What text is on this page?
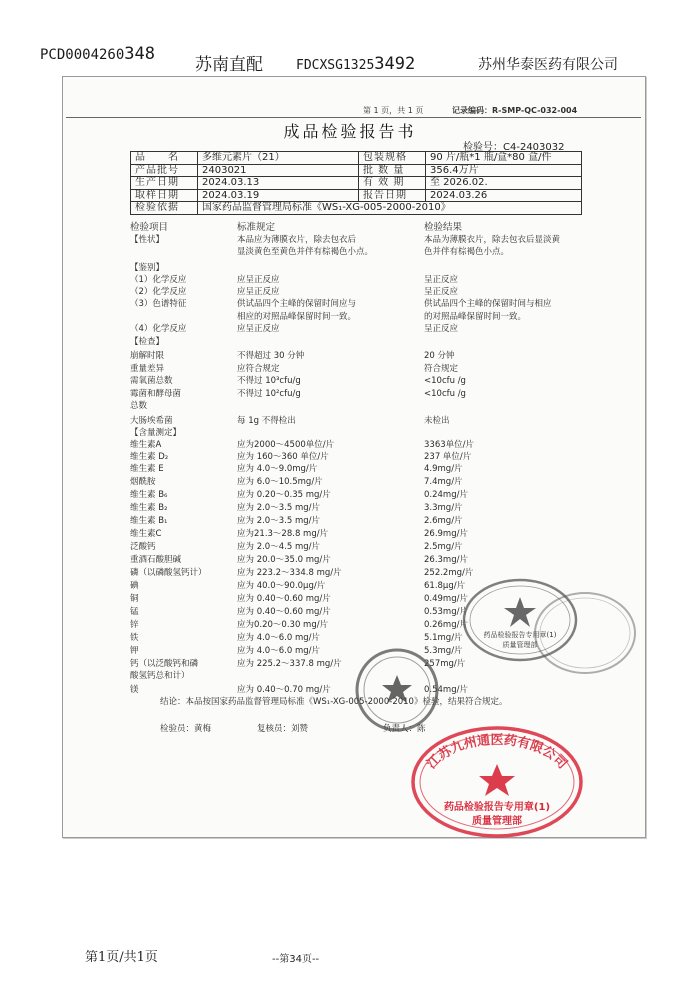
PCD0004260348
苏南直配	FDCXSG13253492	苏州华泰医药有限公司
第 1 页，共 1 页	记录编码：R-SMP-QC-032-004
成品检验报告书
检验号：C4-2403032
品　　名	多维元素片（21）	包装规格	90 片/瓶*1 瓶/盒*80 盒/件
产品批号	2403021	批 数 量	356.4万片
生产日期	2024.03.13	有 效 期	至 2026.02.
取样日期	2024.03.19	报告日期	2024.03.26
检验依据	国家药品监督管理局标准《WS₁-XG-005-2000-2010》		
检验项目	标准规定	检验结果
【性状】	本品应为薄膜衣片，除去包衣后	本品为薄膜衣片，除去包衣后显淡黄
显淡黄色至黄色并伴有棕褐色小点。	色并伴有棕褐色小点。
【鉴别】
（1）化学反应	应呈正反应	呈正反应
（2）化学反应	应呈正反应	呈正反应
（3）色谱特征	供试品四个主峰的保留时间应与	供试品四个主峰的保留时间与相应
相应的对照品峰保留时间一致。	的对照品峰保留时间一致。
（4）化学反应	应呈正反应	呈正反应
【检查】
崩解时限	不得超过 30 分钟	20 分钟
重量差异	应符合规定	符合规定
需氧菌总数	不得过 10³cfu/g	<10cfu /g
霉菌和酵母菌	不得过 10²cfu/g	<10cfu /g
总数
大肠埃希菌	每 1g 不得检出	未检出
【含量测定】
维生素A	应为2000～4500单位/片	3363单位/片
维生素 D₂	应为 160～360 单位/片	237 单位/片
维生素 E	应为 4.0～9.0mg/片	4.9mg/片
烟酰胺	应为 6.0～10.5mg/片	7.4mg/片
维生素 B₆	应为 0.20～0.35 mg/片	0.24mg/片
维生素 B₂	应为 2.0～3.5 mg/片	3.3mg/片
维生素 B₁	应为 2.0～3.5 mg/片	2.6mg/片
维生素C	应为21.3～28.8 mg/片	26.9mg/片
泛酸钙	应为 2.0～4.5 mg/片	2.5mg/片
重酒石酸胆碱	应为 20.0～35.0 mg/片	26.3mg/片
磷（以磷酸氢钙计）	应为 223.2～334.8 mg/片	252.2mg/片
碘	应为 40.0～90.0μg/片	61.8μg/片
铜	应为 0.40～0.60 mg/片	0.49mg/片
锰	应为 0.40～0.60 mg/片	0.53mg/片
锌	应为0.20～0.30 mg/片	0.26mg/片
铁	应为 4.0～6.0 mg/片	5.1mg/片
钾	应为 4.0～6.0 mg/片	5.3mg/片
钙（以泛酸钙和磷	应为 225.2～337.8 mg/片	257mg/片
酸氢钙总和计）
镁	应为 0.40～0.70 mg/片	0.54mg/片
结论：本品按国家药品监督管理局标准《WS₁-XG-005-2000-2010》检验，结果符合规定。
检验员：黄梅	复核员：刘赞	负责人：陈
药品检验报告专用章(1)
质量管理部
江苏九州通医药有限公司
药品检验报告专用章(1)
质量管理部
第1页/共1页	--第34页--
